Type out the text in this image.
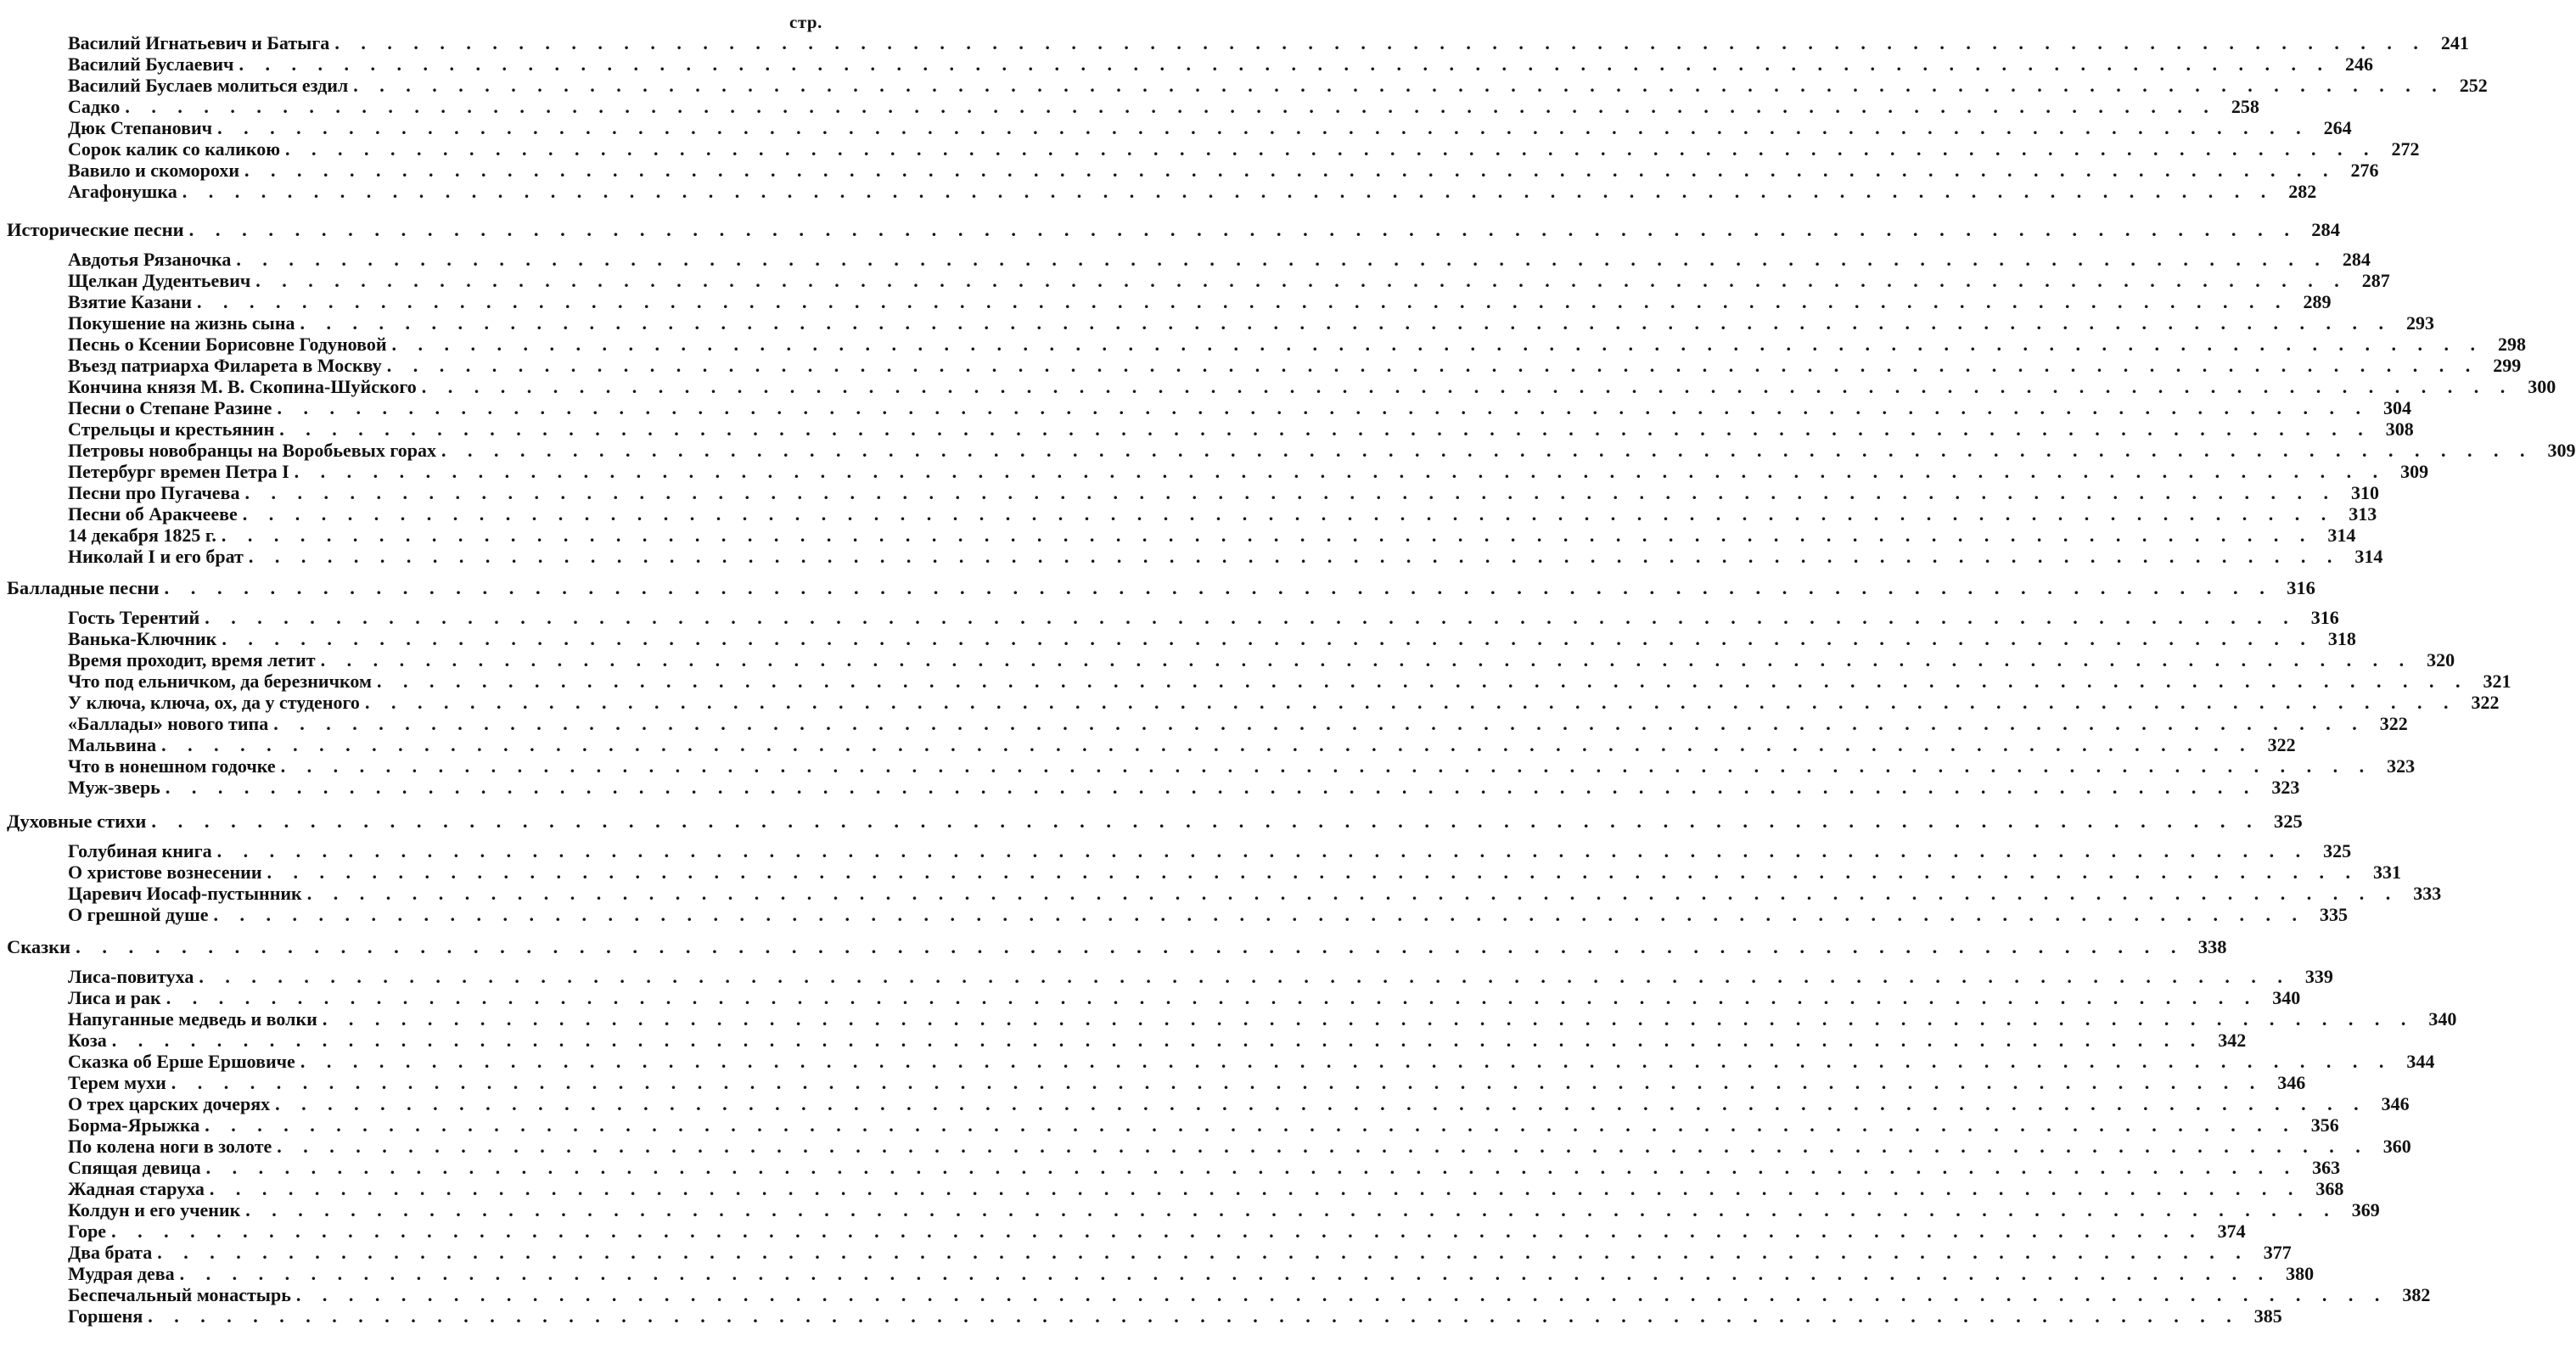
стр.
Василий Игнатьевич и Батыга . . . . . . . . . . . . . . . . . . . . . . . . . . . . . . . . . . . . . . . . . . . . . . . . . . . . . . . . . . . . . . . . . . . . . . . . . . . . . . . . 241
Василий Буслаевич . . . . . . . . . . . . . . . . . . . . . . . . . . . . . . . . . . . . . . . . . . . . . . . . . . . . . . . . . . . . . . . . . . . . . . . . . . . . . . . . 246
Василий Буслаев молиться ездил . . . . . . . . . . . . . . . . . . . . . . . . . . . . . . . . . . . . . . . . . . . . . . . . . . . . . . . . . . . . . . . . . . . . . . . . . . . . . . . . 252
Садко . . . . . . . . . . . . . . . . . . . . . . . . . . . . . . . . . . . . . . . . . . . . . . . . . . . . . . . . . . . . . . . . . . . . . . . . . . . . . . . . 258
Дюк Степанович . . . . . . . . . . . . . . . . . . . . . . . . . . . . . . . . . . . . . . . . . . . . . . . . . . . . . . . . . . . . . . . . . . . . . . . . . . . . . . . . 264
Сорок калик со каликою . . . . . . . . . . . . . . . . . . . . . . . . . . . . . . . . . . . . . . . . . . . . . . . . . . . . . . . . . . . . . . . . . . . . . . . . . . . . . . . . 272
Вавило и скоморохи . . . . . . . . . . . . . . . . . . . . . . . . . . . . . . . . . . . . . . . . . . . . . . . . . . . . . . . . . . . . . . . . . . . . . . . . . . . . . . . . 276
Агафонушка . . . . . . . . . . . . . . . . . . . . . . . . . . . . . . . . . . . . . . . . . . . . . . . . . . . . . . . . . . . . . . . . . . . . . . . . . . . . . . . . 282
Исторические песни . . . . . . . . . . . . . . . . . . . . . . . . . . . . . . . . . . . . . . . . . . . . . . . . . . . . . . . . . . . . . . . . . . . . . . . . . . . . . . . . 284
Авдотья Рязаночка . . . . . . . . . . . . . . . . . . . . . . . . . . . . . . . . . . . . . . . . . . . . . . . . . . . . . . . . . . . . . . . . . . . . . . . . . . . . . . . . 284
Щелкан Дудентьевич . . . . . . . . . . . . . . . . . . . . . . . . . . . . . . . . . . . . . . . . . . . . . . . . . . . . . . . . . . . . . . . . . . . . . . . . . . . . . . . . 287
Взятие Казани . . . . . . . . . . . . . . . . . . . . . . . . . . . . . . . . . . . . . . . . . . . . . . . . . . . . . . . . . . . . . . . . . . . . . . . . . . . . . . . . 289
Покушение на жизнь сына . . . . . . . . . . . . . . . . . . . . . . . . . . . . . . . . . . . . . . . . . . . . . . . . . . . . . . . . . . . . . . . . . . . . . . . . . . . . . . . . 293
Песнь о Ксении Борисовне Годуновой . . . . . . . . . . . . . . . . . . . . . . . . . . . . . . . . . . . . . . . . . . . . . . . . . . . . . . . . . . . . . . . . . . . . . . . . . . . . . . . . 298
Въезд патриарха Филарета в Москву . . . . . . . . . . . . . . . . . . . . . . . . . . . . . . . . . . . . . . . . . . . . . . . . . . . . . . . . . . . . . . . . . . . . . . . . . . . . . . . . 299
Кончина князя М. В. Скопина-Шуйского . . . . . . . . . . . . . . . . . . . . . . . . . . . . . . . . . . . . . . . . . . . . . . . . . . . . . . . . . . . . . . . . . . . . . . . . . . . . . . . . 300
Песни о Степане Разине . . . . . . . . . . . . . . . . . . . . . . . . . . . . . . . . . . . . . . . . . . . . . . . . . . . . . . . . . . . . . . . . . . . . . . . . . . . . . . . . 304
Стрельцы и крестьянин . . . . . . . . . . . . . . . . . . . . . . . . . . . . . . . . . . . . . . . . . . . . . . . . . . . . . . . . . . . . . . . . . . . . . . . . . . . . . . . . 308
Петровы новобранцы на Воробьевых горах . . . . . . . . . . . . . . . . . . . . . . . . . . . . . . . . . . . . . . . . . . . . . . . . . . . . . . . . . . . . . . . . . . . . . . . . . . . . . . . . 309
Петербург времен Петра I . . . . . . . . . . . . . . . . . . . . . . . . . . . . . . . . . . . . . . . . . . . . . . . . . . . . . . . . . . . . . . . . . . . . . . . . . . . . . . . . 309
Песни про Пугачева . . . . . . . . . . . . . . . . . . . . . . . . . . . . . . . . . . . . . . . . . . . . . . . . . . . . . . . . . . . . . . . . . . . . . . . . . . . . . . . . 310
Песни об Аракчееве . . . . . . . . . . . . . . . . . . . . . . . . . . . . . . . . . . . . . . . . . . . . . . . . . . . . . . . . . . . . . . . . . . . . . . . . . . . . . . . . 313
14 декабря 1825 г. . . . . . . . . . . . . . . . . . . . . . . . . . . . . . . . . . . . . . . . . . . . . . . . . . . . . . . . . . . . . . . . . . . . . . . . . . . . . . . . . 314
Николай I и его брат . . . . . . . . . . . . . . . . . . . . . . . . . . . . . . . . . . . . . . . . . . . . . . . . . . . . . . . . . . . . . . . . . . . . . . . . . . . . . . . . 314
Балладные песни . . . . . . . . . . . . . . . . . . . . . . . . . . . . . . . . . . . . . . . . . . . . . . . . . . . . . . . . . . . . . . . . . . . . . . . . . . . . . . . . 316
Гость Терентий . . . . . . . . . . . . . . . . . . . . . . . . . . . . . . . . . . . . . . . . . . . . . . . . . . . . . . . . . . . . . . . . . . . . . . . . . . . . . . . . 316
Ванька-Ключник . . . . . . . . . . . . . . . . . . . . . . . . . . . . . . . . . . . . . . . . . . . . . . . . . . . . . . . . . . . . . . . . . . . . . . . . . . . . . . . . 318
Время проходит, время летит . . . . . . . . . . . . . . . . . . . . . . . . . . . . . . . . . . . . . . . . . . . . . . . . . . . . . . . . . . . . . . . . . . . . . . . . . . . . . . . . 320
Что под ельничком, да березничком . . . . . . . . . . . . . . . . . . . . . . . . . . . . . . . . . . . . . . . . . . . . . . . . . . . . . . . . . . . . . . . . . . . . . . . . . . . . . . . . 321
У ключа, ключа, ох, да у студеного . . . . . . . . . . . . . . . . . . . . . . . . . . . . . . . . . . . . . . . . . . . . . . . . . . . . . . . . . . . . . . . . . . . . . . . . . . . . . . . . 322
«Баллады» нового типа . . . . . . . . . . . . . . . . . . . . . . . . . . . . . . . . . . . . . . . . . . . . . . . . . . . . . . . . . . . . . . . . . . . . . . . . . . . . . . . . 322
Мальвина . . . . . . . . . . . . . . . . . . . . . . . . . . . . . . . . . . . . . . . . . . . . . . . . . . . . . . . . . . . . . . . . . . . . . . . . . . . . . . . . 322
Что в нонешном годочке . . . . . . . . . . . . . . . . . . . . . . . . . . . . . . . . . . . . . . . . . . . . . . . . . . . . . . . . . . . . . . . . . . . . . . . . . . . . . . . . 323
Муж-зверь . . . . . . . . . . . . . . . . . . . . . . . . . . . . . . . . . . . . . . . . . . . . . . . . . . . . . . . . . . . . . . . . . . . . . . . . . . . . . . . . 323
Духовные стихи . . . . . . . . . . . . . . . . . . . . . . . . . . . . . . . . . . . . . . . . . . . . . . . . . . . . . . . . . . . . . . . . . . . . . . . . . . . . . . . . 325
Голубиная книга . . . . . . . . . . . . . . . . . . . . . . . . . . . . . . . . . . . . . . . . . . . . . . . . . . . . . . . . . . . . . . . . . . . . . . . . . . . . . . . . 325
О христове вознесении . . . . . . . . . . . . . . . . . . . . . . . . . . . . . . . . . . . . . . . . . . . . . . . . . . . . . . . . . . . . . . . . . . . . . . . . . . . . . . . . 331
Царевич Иосаф-пустынник . . . . . . . . . . . . . . . . . . . . . . . . . . . . . . . . . . . . . . . . . . . . . . . . . . . . . . . . . . . . . . . . . . . . . . . . . . . . . . . . 333
О грешной душе . . . . . . . . . . . . . . . . . . . . . . . . . . . . . . . . . . . . . . . . . . . . . . . . . . . . . . . . . . . . . . . . . . . . . . . . . . . . . . . . 335
Сказки . . . . . . . . . . . . . . . . . . . . . . . . . . . . . . . . . . . . . . . . . . . . . . . . . . . . . . . . . . . . . . . . . . . . . . . . . . . . . . . . 338
Лиса-повитуха . . . . . . . . . . . . . . . . . . . . . . . . . . . . . . . . . . . . . . . . . . . . . . . . . . . . . . . . . . . . . . . . . . . . . . . . . . . . . . . . 339
Лиса и рак . . . . . . . . . . . . . . . . . . . . . . . . . . . . . . . . . . . . . . . . . . . . . . . . . . . . . . . . . . . . . . . . . . . . . . . . . . . . . . . . 340
Напуганные медведь и волки . . . . . . . . . . . . . . . . . . . . . . . . . . . . . . . . . . . . . . . . . . . . . . . . . . . . . . . . . . . . . . . . . . . . . . . . . . . . . . . . 340
Коза . . . . . . . . . . . . . . . . . . . . . . . . . . . . . . . . . . . . . . . . . . . . . . . . . . . . . . . . . . . . . . . . . . . . . . . . . . . . . . . . 342
Сказка об Ерше Ершовиче . . . . . . . . . . . . . . . . . . . . . . . . . . . . . . . . . . . . . . . . . . . . . . . . . . . . . . . . . . . . . . . . . . . . . . . . . . . . . . . . 344
Терем мухи . . . . . . . . . . . . . . . . . . . . . . . . . . . . . . . . . . . . . . . . . . . . . . . . . . . . . . . . . . . . . . . . . . . . . . . . . . . . . . . . 346
О трех царских дочерях . . . . . . . . . . . . . . . . . . . . . . . . . . . . . . . . . . . . . . . . . . . . . . . . . . . . . . . . . . . . . . . . . . . . . . . . . . . . . . . . 346
Борма-Ярыжка . . . . . . . . . . . . . . . . . . . . . . . . . . . . . . . . . . . . . . . . . . . . . . . . . . . . . . . . . . . . . . . . . . . . . . . . . . . . . . . . 356
По колена ноги в золоте . . . . . . . . . . . . . . . . . . . . . . . . . . . . . . . . . . . . . . . . . . . . . . . . . . . . . . . . . . . . . . . . . . . . . . . . . . . . . . . . 360
Спящая девица . . . . . . . . . . . . . . . . . . . . . . . . . . . . . . . . . . . . . . . . . . . . . . . . . . . . . . . . . . . . . . . . . . . . . . . . . . . . . . . . 363
Жадная старуха . . . . . . . . . . . . . . . . . . . . . . . . . . . . . . . . . . . . . . . . . . . . . . . . . . . . . . . . . . . . . . . . . . . . . . . . . . . . . . . . 368
Колдун и его ученик . . . . . . . . . . . . . . . . . . . . . . . . . . . . . . . . . . . . . . . . . . . . . . . . . . . . . . . . . . . . . . . . . . . . . . . . . . . . . . . . 369
Горе . . . . . . . . . . . . . . . . . . . . . . . . . . . . . . . . . . . . . . . . . . . . . . . . . . . . . . . . . . . . . . . . . . . . . . . . . . . . . . . . 374
Два брата . . . . . . . . . . . . . . . . . . . . . . . . . . . . . . . . . . . . . . . . . . . . . . . . . . . . . . . . . . . . . . . . . . . . . . . . . . . . . . . . 377
Мудрая дева . . . . . . . . . . . . . . . . . . . . . . . . . . . . . . . . . . . . . . . . . . . . . . . . . . . . . . . . . . . . . . . . . . . . . . . . . . . . . . . . 380
Беспечальный монастырь . . . . . . . . . . . . . . . . . . . . . . . . . . . . . . . . . . . . . . . . . . . . . . . . . . . . . . . . . . . . . . . . . . . . . . . . . . . . . . . . 382
Горшеня . . . . . . . . . . . . . . . . . . . . . . . . . . . . . . . . . . . . . . . . . . . . . . . . . . . . . . . . . . . . . . . . . . . . . . . . . . . . . . . . 385
